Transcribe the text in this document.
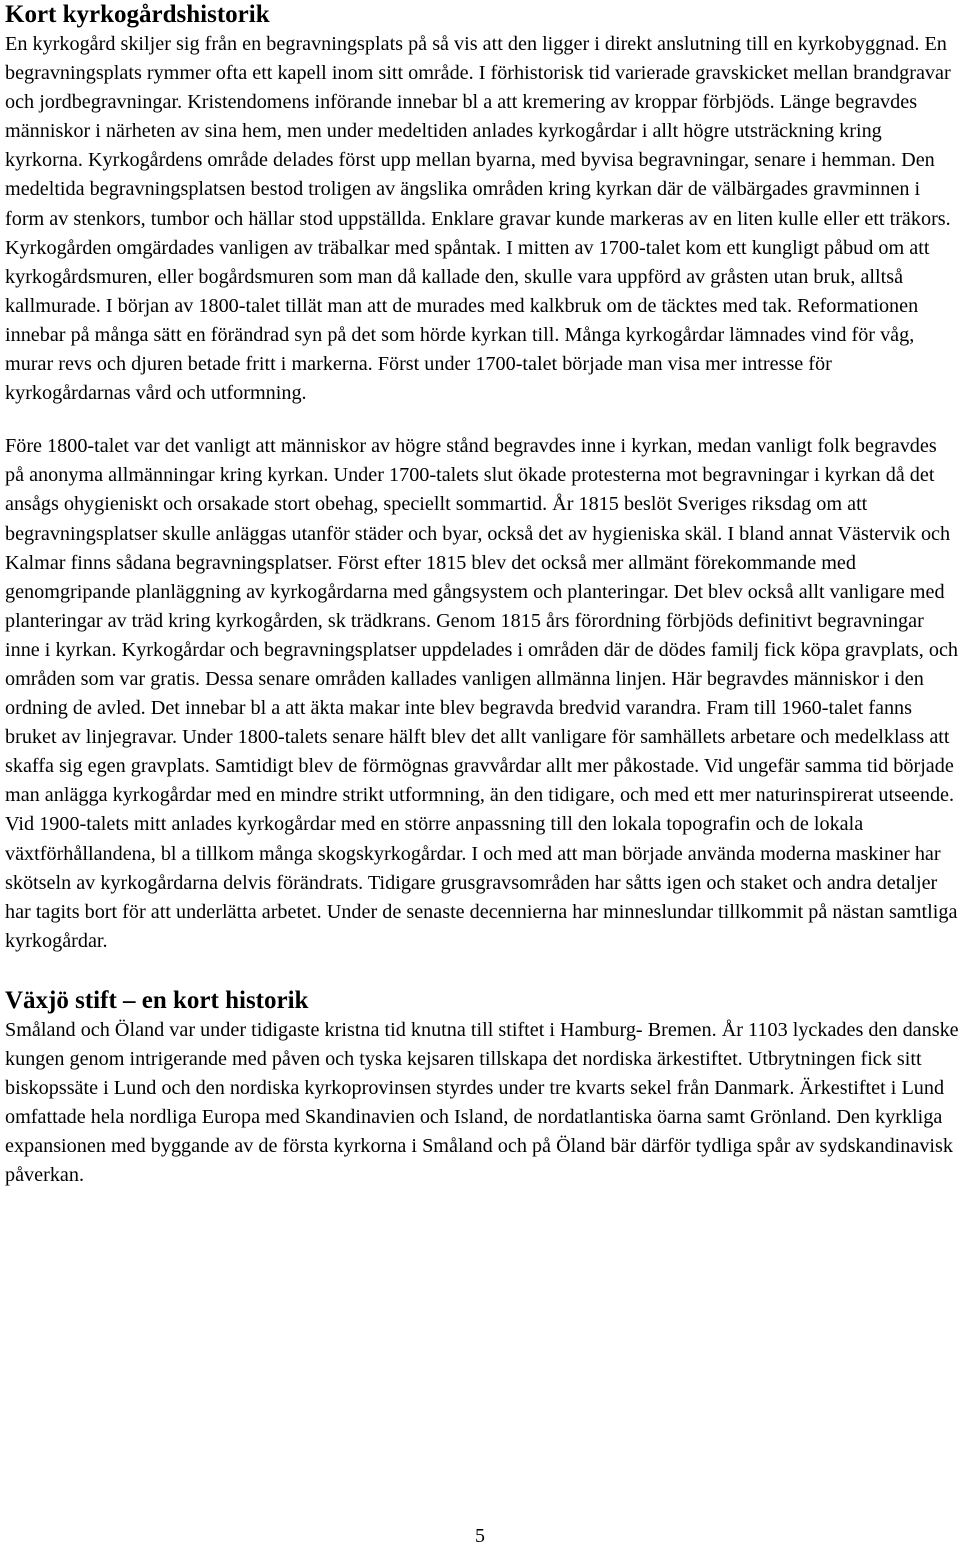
Kort kyrkogårdshistorik

En kyrkogård skiljer sig från en begravningsplats på så vis att den ligger i direkt anslutning till en kyrkobyggnad. En begravningsplats rymmer ofta ett kapell inom sitt område. I förhistorisk tid varierade gravskicket mellan brandgravar och jordbegravningar. Kristendomens införande innebar bl a att kremering av kroppar förbjöds. Länge begravdes människor i närheten av sina hem, men under medeltiden anlades kyrkogårdar i allt högre utsträckning kring kyrkorna. Kyrkogårdens område delades först upp mellan byarna, med byvisa begravningar, senare i hemman. Den medeltida begravningsplatsen bestod troligen av ängslika områden kring kyrkan där de välbärgades gravminnen i form av stenkors, tumbor och hällar stod uppställda. Enklare gravar kunde markeras av en liten kulle eller ett träkors. Kyrkogården omgärdades vanligen av träbalkar med spåntak. I mitten av 1700-talet kom ett kungligt påbud om att kyrkogårdsmuren, eller bogårdsmuren som man då kallade den, skulle vara uppförd av gråsten utan bruk, alltså kallmurade. I början av 1800-talet tillät man att de murades med kalkbruk om de täcktes med tak. Reformationen innebar på många sätt en förändrad syn på det som hörde kyrkan till. Många kyrkogårdar lämnades vind för våg, murar revs och djuren betade fritt i markerna. Först under 1700-talet började man visa mer intresse för kyrkogårdarnas vård och utformning.

Före 1800-talet var det vanligt att människor av högre stånd begravdes inne i kyrkan, medan vanligt folk begravdes på anonyma allmänningar kring kyrkan. Under 1700-talets slut ökade protesterna mot begravningar i kyrkan då det ansågs ohygieniskt och orsakade stort obehag, speciellt sommartid. År 1815 beslöt Sveriges riksdag om att begravningsplatser skulle anläggas utanför städer och byar, också det av hygieniska skäl. I bland annat Västervik och Kalmar finns sådana begravningsplatser. Först efter 1815 blev det också mer allmänt förekommande med genomgripande planläggning av kyrkogårdarna med gångsystem och planteringar. Det blev också allt vanligare med planteringar av träd kring kyrkogården, sk trädkrans. Genom 1815 års förordning förbjöds definitivt begravningar inne i kyrkan. Kyrkogårdar och begravningsplatser uppdelades i områden där de dödes familj fick köpa gravplats, och områden som var gratis. Dessa senare områden kallades vanligen allmänna linjen. Här begravdes människor i den ordning de avled. Det innebar bl a att äkta makar inte blev begravda bredvid varandra. Fram till 1960-talet fanns bruket av linjegravar. Under 1800-talets senare hälft blev det allt vanligare för samhällets arbetare och medelklass att skaffa sig egen gravplats. Samtidigt blev de förmögnas gravvårdar allt mer påkostade. Vid ungefär samma tid började man anlägga kyrkogårdar med en mindre strikt utformning, än den tidigare, och med ett mer naturinspirerat utseende. Vid 1900-talets mitt anlades kyrkogårdar med en större anpassning till den lokala topografin och de lokala växtförhållandena, bl a tillkom många skogskyrkogårdar. I och med att man började använda moderna maskiner har skötseln av kyrkogårdarna delvis förändrats. Tidigare grusgravsområden har såtts igen och staket och andra detaljer har tagits bort för att underlätta arbetet. Under de senaste decennierna har minneslundar tillkommit på nästan samtliga kyrkogårdar.

Växjö stift – en kort historik

Småland och Öland var under tidigaste kristna tid knutna till stiftet i Hamburg- Bremen. År 1103 lyckades den danske kungen genom intrigerande med påven och tyska kejsaren tillskapa det nordiska ärkestiftet. Utbrytningen fick sitt biskopssäte i Lund och den nordiska kyrkoprovinsen styrdes under tre kvarts sekel från Danmark. Ärkestiftet i Lund omfattade hela nordliga Europa med Skandinavien och Island, de nordatlantiska öarna samt Grönland. Den kyrkliga expansionen med byggande av de första kyrkorna i Småland och på Öland bär därför tydliga spår av sydskandinavisk påverkan.

5
